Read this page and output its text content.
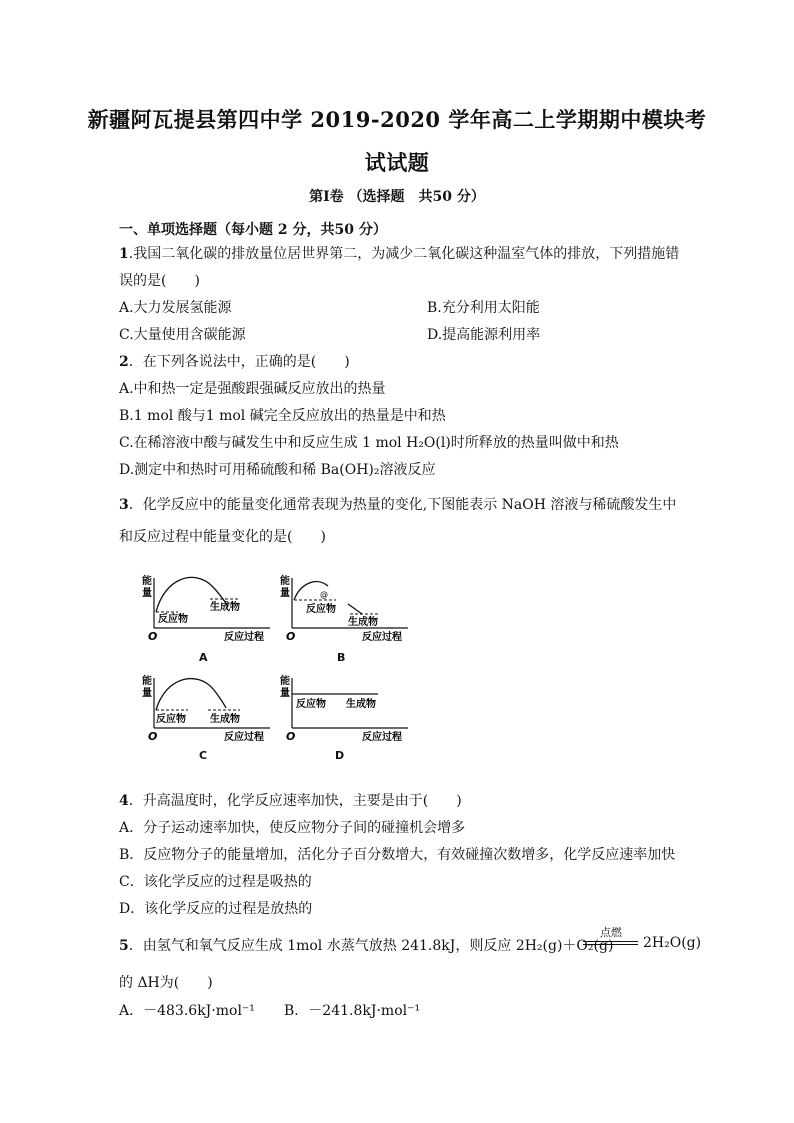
新疆阿瓦提县第四中学 2019-2020 学年高二上学期期中模块考
试试题
第Ⅰ卷 （选择题　共50 分）
一、单项选择题（每小题 2 分，共50 分）
1.我国二氧化碳的排放量位居世界第二，为减少二氧化碳这种温室气体的排放，下列措施错
误的是(　　)
A.大力发展氢能源	B.充分利用太阳能
C.大量使用含碳能源	D.提高能源利用率
2．在下列各说法中，正确的是(　　)
A.中和热一定是强酸跟强碱反应放出的热量
B.1 mol 酸与1 mol 碱完全反应放出的热量是中和热
C.在稀溶液中酸与碱发生中和反应生成 1 mol H₂O(l)时所释放的热量叫做中和热
D.测定中和热时可用稀硫酸和稀 Ba(OH)₂溶液反应
3．化学反应中的能量变化通常表现为热量的变化,下图能表示 NaOH 溶液与稀硫酸发生中
和反应过程中能量变化的是(　　)
能
量
反应物
生成物
O	反应过程
A
能
量	@
反应物
生成物
O	反应过程
B
能
量
反应物 生成物
O	反应过程
C
能
量
反应物 生成物
O	反应过程
D
4．升高温度时，化学反应速率加快，主要是由于(　　)
A．分子运动速率加快，使反应物分子间的碰撞机会增多
B．反应物分子的能量增加，活化分子百分数增大，有效碰撞次数增多，化学反应速率加快
C．该化学反应的过程是吸热的
D．该化学反应的过程是放热的
5．由氢气和氧气反应生成 1mol 水蒸气放热 241.8kJ，则反应 2H₂(g)＋O₂(g)
点燃
2H₂O(g)
的 ΔH为(　　)
A．－483.6kJ·mol⁻¹ B．－241.8kJ·mol⁻¹
